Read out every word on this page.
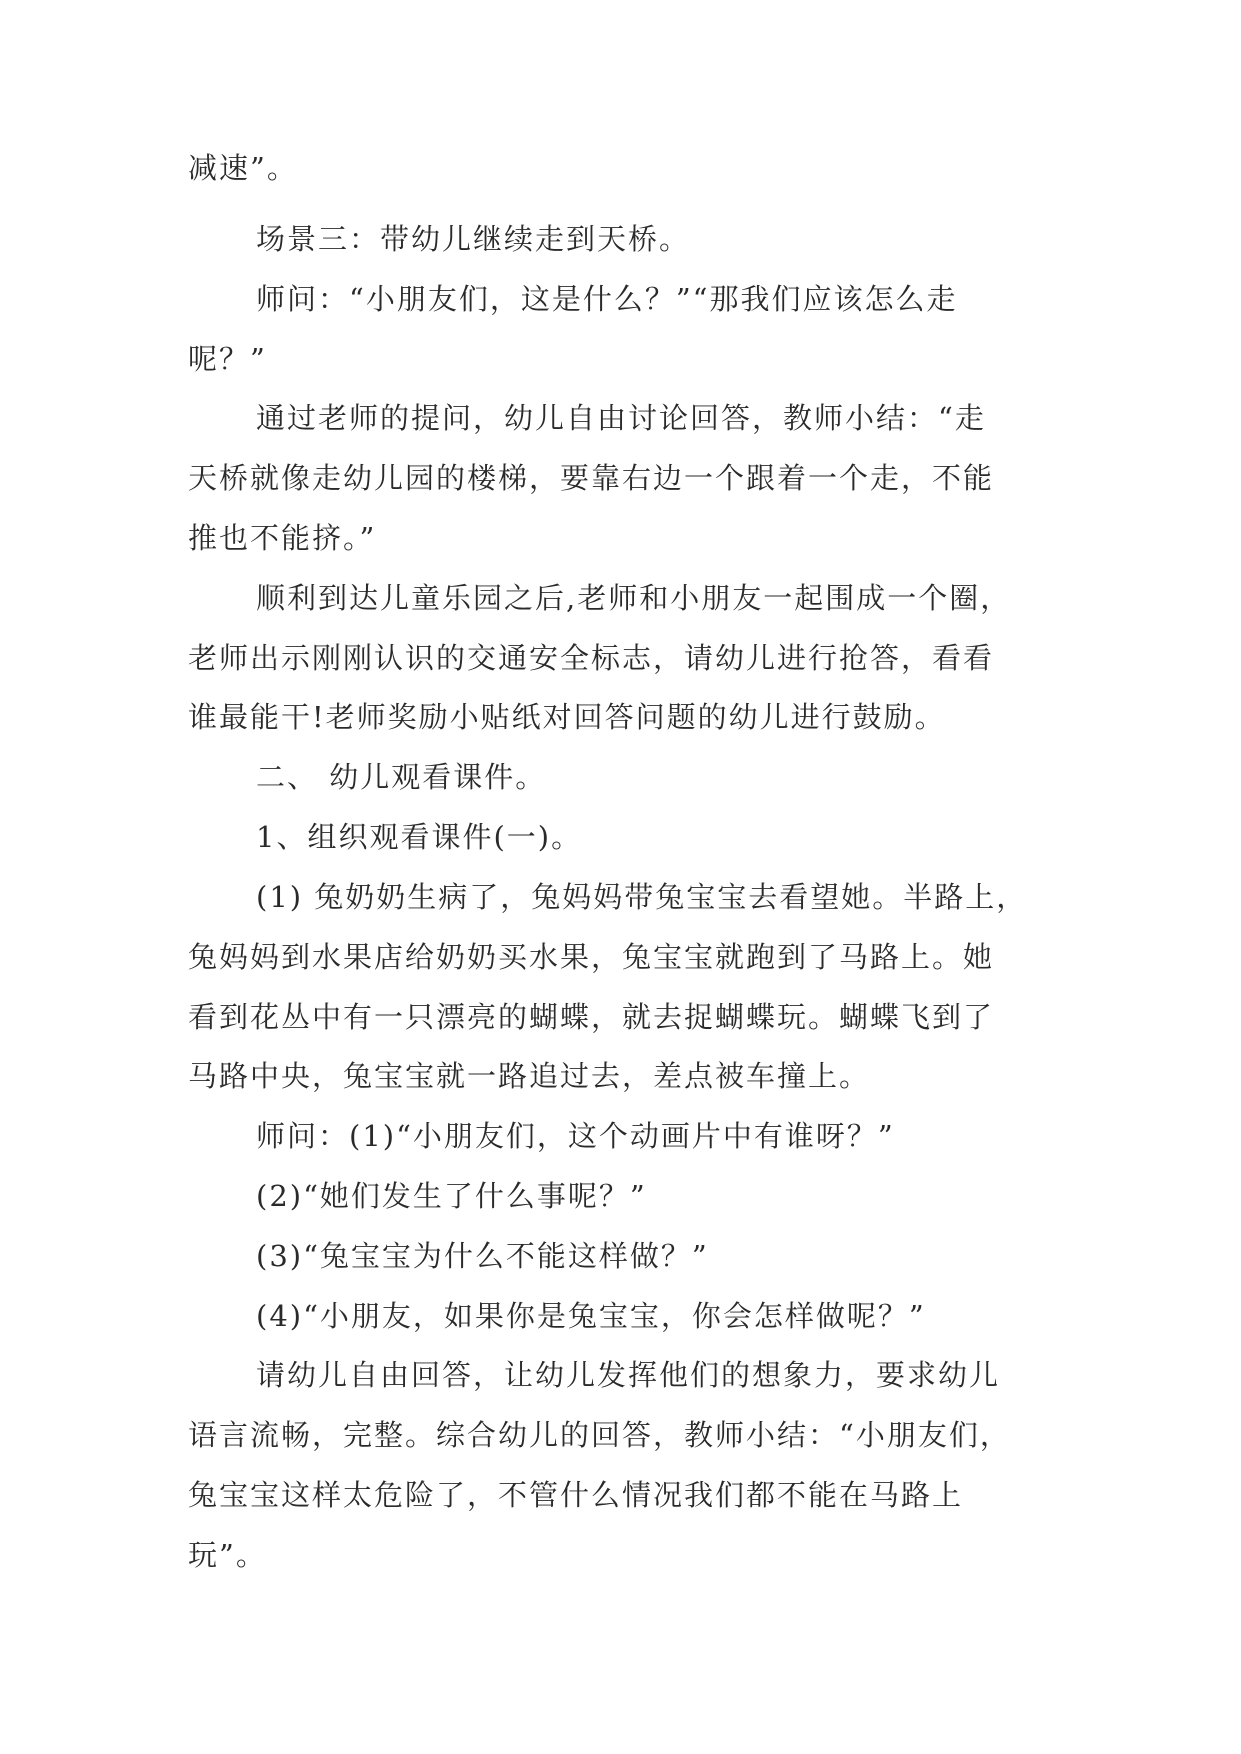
减速”。
场景三：带幼儿继续走到天桥。
师问：“小朋友们，这是什么？”“那我们应该怎么走
呢？”
通过老师的提问，幼儿自由讨论回答，教师小结：“走
天桥就像走幼儿园的楼梯，要靠右边一个跟着一个走，不能
推也不能挤。”
顺利到达儿童乐园之后,老师和小朋友一起围成一个圈，
老师出示刚刚认识的交通安全标志，请幼儿进行抢答，看看
谁最能干!老师奖励小贴纸对回答问题的幼儿进行鼓励。
二、 幼儿观看课件。
1、组织观看课件(一)。
(1) 兔奶奶生病了，兔妈妈带兔宝宝去看望她。半路上，
兔妈妈到水果店给奶奶买水果，兔宝宝就跑到了马路上。她
看到花丛中有一只漂亮的蝴蝶，就去捉蝴蝶玩。蝴蝶飞到了
马路中央，兔宝宝就一路追过去，差点被车撞上。
师问：(1)“小朋友们，这个动画片中有谁呀？”
(2)“她们发生了什么事呢？”
(3)“兔宝宝为什么不能这样做？”
(4)“小朋友，如果你是兔宝宝，你会怎样做呢？”
请幼儿自由回答，让幼儿发挥他们的想象力，要求幼儿
语言流畅，完整。综合幼儿的回答，教师小结：“小朋友们，
兔宝宝这样太危险了，不管什么情况我们都不能在马路上
玩”。
